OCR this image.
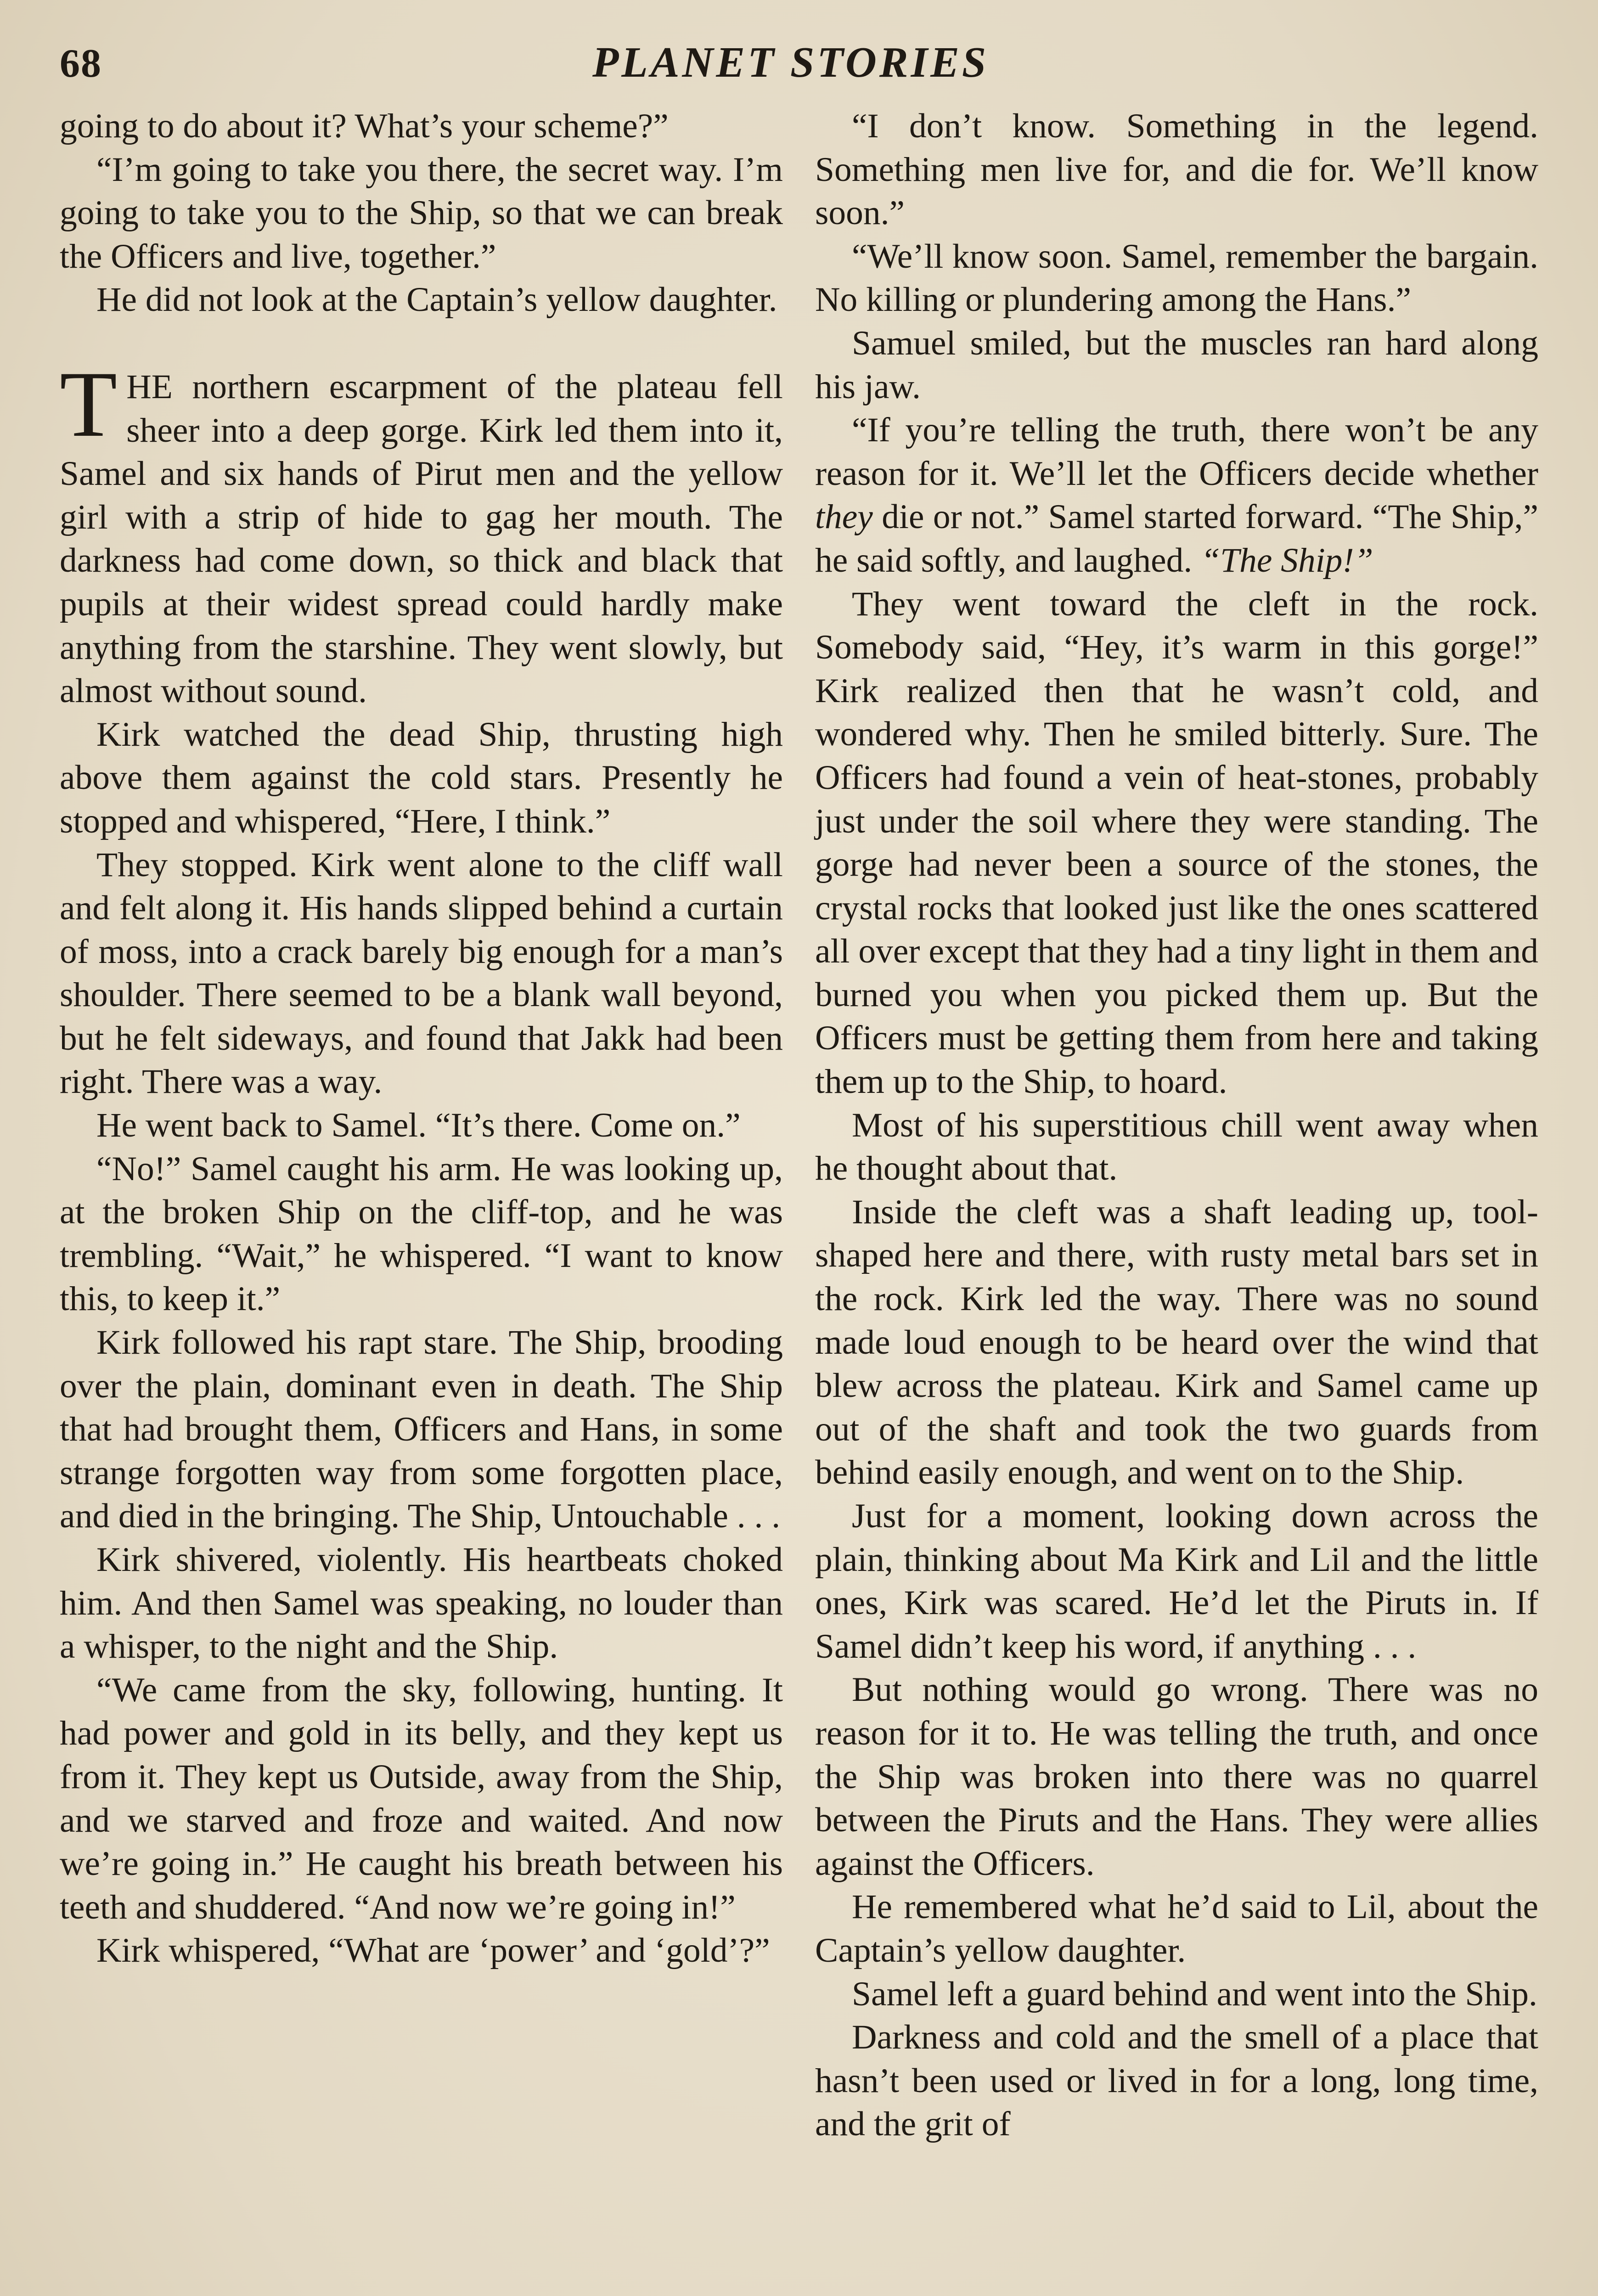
68	PLANET STORIES

going to do about it? What’s your scheme?”

“I’m going to take you there, the secret way. I’m going to take you to the Ship, so that we can break the Officers and live, together.”

He did not look at the Captain’s yellow daughter.

THE northern escarpment of the plateau fell sheer into a deep gorge. Kirk led them into it, Samel and six hands of Pirut men and the yellow girl with a strip of hide to gag her mouth. The darkness had come down, so thick and black that pupils at their widest spread could hardly make anything from the starshine. They went slowly, but almost without sound.

Kirk watched the dead Ship, thrusting high above them against the cold stars. Presently he stopped and whispered, “Here, I think.”

They stopped. Kirk went alone to the cliff wall and felt along it. His hands slipped behind a curtain of moss, into a crack barely big enough for a man’s shoulder. There seemed to be a blank wall beyond, but he felt sideways, and found that Jakk had been right. There was a way.

He went back to Samel. “It’s there. Come on.”

“No!” Samel caught his arm. He was looking up, at the broken Ship on the cliff-top, and he was trembling. “Wait,” he whispered. “I want to know this, to keep it.”

Kirk followed his rapt stare. The Ship, brooding over the plain, dominant even in death. The Ship that had brought them, Officers and Hans, in some strange forgotten way from some forgotten place, and died in the bringing. The Ship, Untouchable . . .

Kirk shivered, violently. His heartbeats choked him. And then Samel was speaking, no louder than a whisper, to the night and the Ship.

“We came from the sky, following, hunting. It had power and gold in its belly, and they kept us from it. They kept us Outside, away from the Ship, and we starved and froze and waited. And now we’re going in.” He caught his breath between his teeth and shuddered. “And now we’re going in!”

Kirk whispered, “What are ‘power’ and ‘gold’?”

“I don’t know. Something in the legend. Something men live for, and die for. We’ll know soon.”

“We’ll know soon. Samel, remember the bargain. No killing or plundering among the Hans.”

Samuel smiled, but the muscles ran hard along his jaw.

“If you’re telling the truth, there won’t be any reason for it. We’ll let the Officers decide whether they die or not.” Samel started forward. “The Ship,” he said softly, and laughed. “The Ship!”

They went toward the cleft in the rock. Somebody said, “Hey, it’s warm in this gorge!” Kirk realized then that he wasn’t cold, and wondered why. Then he smiled bitterly. Sure. The Officers had found a vein of heat-stones, probably just under the soil where they were standing. The gorge had never been a source of the stones, the crystal rocks that looked just like the ones scattered all over except that they had a tiny light in them and burned you when you picked them up. But the Officers must be getting them from here and taking them up to the Ship, to hoard.

Most of his superstitious chill went away when he thought about that.

Inside the cleft was a shaft leading up, tool-shaped here and there, with rusty metal bars set in the rock. Kirk led the way. There was no sound made loud enough to be heard over the wind that blew across the plateau. Kirk and Samel came up out of the shaft and took the two guards from behind easily enough, and went on to the Ship.

Just for a moment, looking down across the plain, thinking about Ma Kirk and Lil and the little ones, Kirk was scared. He’d let the Piruts in. If Samel didn’t keep his word, if anything . . .

But nothing would go wrong. There was no reason for it to. He was telling the truth, and once the Ship was broken into there was no quarrel between the Piruts and the Hans. They were allies against the Officers.

He remembered what he’d said to Lil, about the Captain’s yellow daughter.

Samel left a guard behind and went into the Ship.

Darkness and cold and the smell of a place that hasn’t been used or lived in for a long, long time, and the grit of
